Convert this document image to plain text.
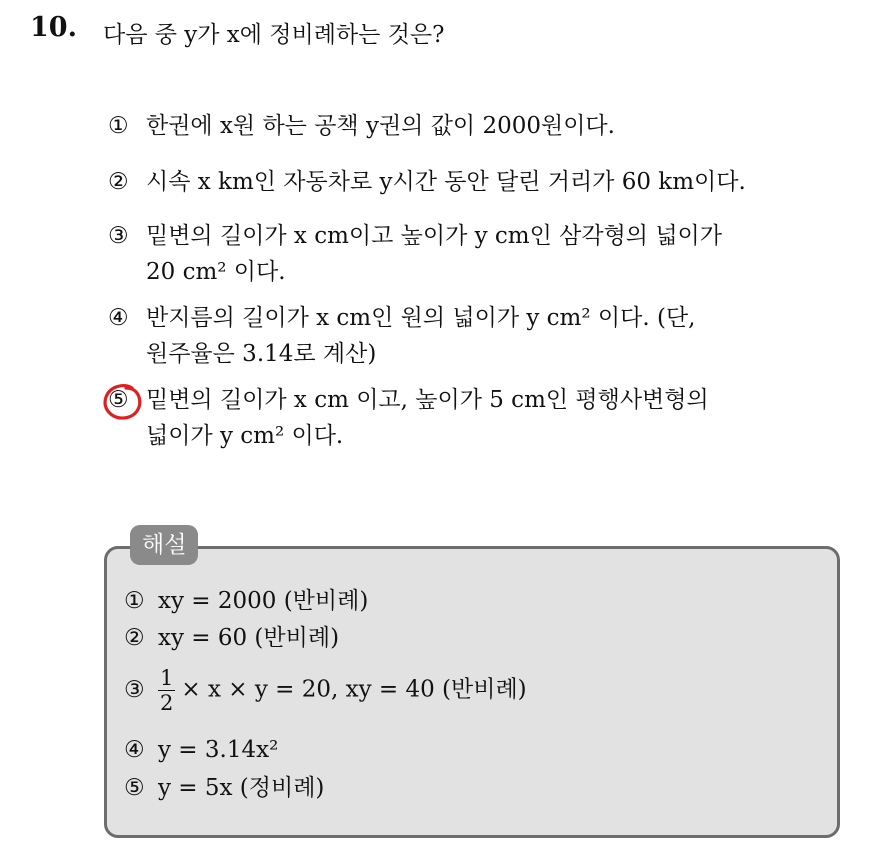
10. 다음 중 y가 x에 정비례하는 것은?
① 한권에 x원 하는 공책 y권의 값이 2000원이다.
② 시속 x km인 자동차로 y시간 동안 달린 거리가 60 km이다.
③ 밑변의 길이가 x cm이고 높이가 y cm인 삼각형의 넓이가
20 cm² 이다.
④ 반지름의 길이가 x cm인 원의 넓이가 y cm² 이다. (단,
원주율은 3.14로 계산)
⑤ 밑변의 길이가 x cm 이고, 높이가 5 cm인 평행사변형의
넓이가 y cm² 이다.
해설
① xy = 2000 (반비례)
② xy = 60 (반비례)
③ $\frac{1}{2} \times x \times y = 20$, xy = 40 (반비례)
④ y = 3.14x²
⑤ y = 5x (정비례)
